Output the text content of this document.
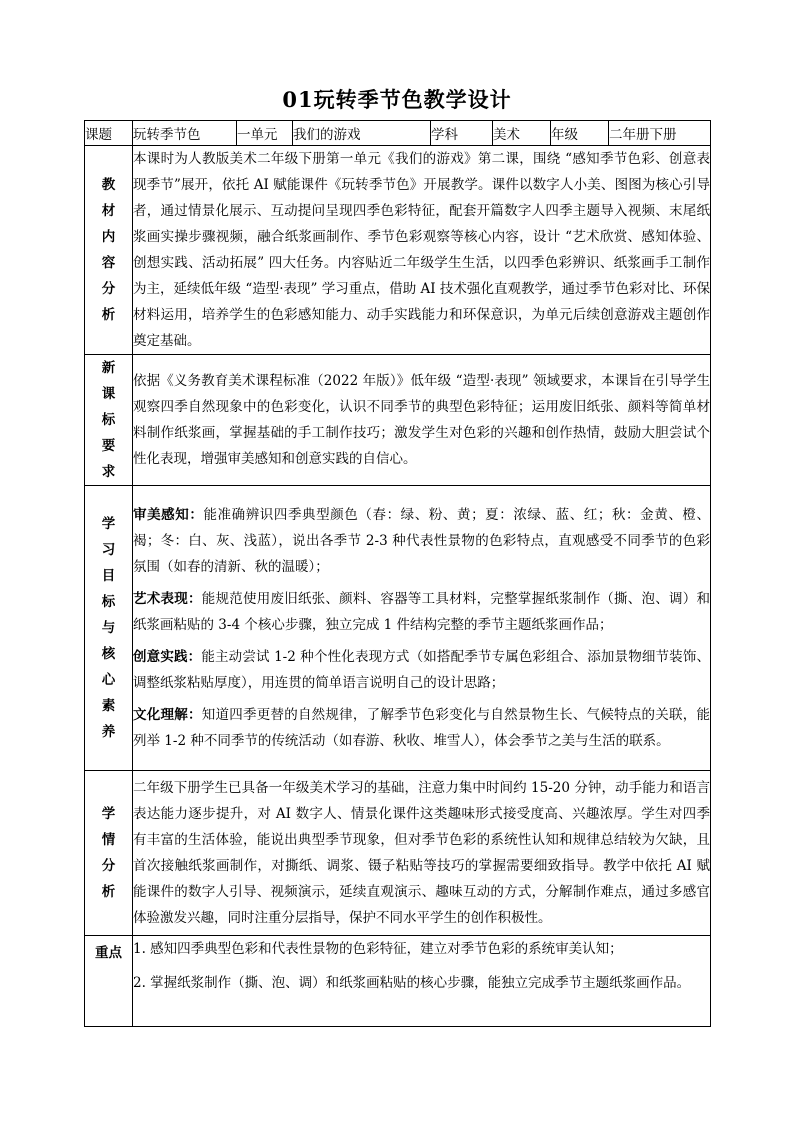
01玩转季节色教学设计
课题	玩转季节色	一单元	我们的游戏	学科	美术	年级	二年册下册

教材内容分析	本课时为人教版美术二年级下册第一单元《我们的游戏》第二课，围绕 “感知季节色彩、创意表现季节”展开，依托 AI 赋能课件《玩转季节色》开展教学。课件以数字人小美、图图为核心引导者，通过情景化展示、互动提问呈现四季色彩特征，配套开篇数字人四季主题导入视频、末尾纸浆画实操步骤视频，融合纸浆画制作、季节色彩观察等核心内容，设计 “艺术欣赏、感知体验、创想实践、活动拓展” 四大任务。内容贴近二年级学生生活，以四季色彩辨识、纸浆画手工制作为主，延续低年级 “造型·表现” 学习重点，借助 AI 技术强化直观教学，通过季节色彩对比、环保材料运用，培养学生的色彩感知能力、动手实践能力和环保意识，为单元后续创意游戏主题创作奠定基础。						

新课标要求	依据《义务教育美术课程标准（2022 年版）》低年级 “造型·表现” 领域要求，本课旨在引导学生观察四季自然现象中的色彩变化，认识不同季节的典型色彩特征；运用废旧纸张、颜料等简单材料制作纸浆画，掌握基础的手工制作技巧；激发学生对色彩的兴趣和创作热情，鼓励大胆尝试个性化表现，增强审美感知和创意实践的自信心。						

学习目标与核心素养	审美感知：能准确辨识四季典型颜色（春：绿、粉、黄；夏：浓绿、蓝、红；秋：金黄、橙、褐；冬：白、灰、浅蓝），说出各季节 2-3 种代表性景物的色彩特点，直观感受不同季节的色彩氛围（如春的清新、秋的温暖）；

艺术表现：能规范使用废旧纸张、颜料、容器等工具材料，完整掌握纸浆制作（撕、泡、调）和纸浆画粘贴的 3-4 个核心步骤，独立完成 1 件结构完整的季节主题纸浆画作品；

创意实践：能主动尝试 1-2 种个性化表现方式（如搭配季节专属色彩组合、添加景物细节装饰、调整纸浆粘贴厚度），用连贯的简单语言说明自己的设计思路；

文化理解：知道四季更替的自然规律，了解季节色彩变化与自然景物生长、气候特点的关联，能列举 1-2 种不同季节的传统活动（如春游、秋收、堆雪人），体会季节之美与生活的联系。						

学情分析	二年级下册学生已具备一年级美术学习的基础，注意力集中时间约 15-20 分钟，动手能力和语言表达能力逐步提升，对 AI 数字人、情景化课件这类趣味形式接受度高、兴趣浓厚。学生对四季有丰富的生活体验，能说出典型季节现象，但对季节色彩的系统性认知和规律总结较为欠缺，且首次接触纸浆画制作，对撕纸、调浆、镊子粘贴等技巧的掌握需要细致指导。教学中依托 AI 赋能课件的数字人引导、视频演示，延续直观演示、趣味互动的方式，分解制作难点，通过多感官体验激发兴趣，同时注重分层指导，保护不同水平学生的创作积极性。						

重点	1. 感知四季典型色彩和代表性景物的色彩特征，建立对季节色彩的系统审美认知；

2. 掌握纸浆制作（撕、泡、调）和纸浆画粘贴的核心步骤，能独立完成季节主题纸浆画作品。						
